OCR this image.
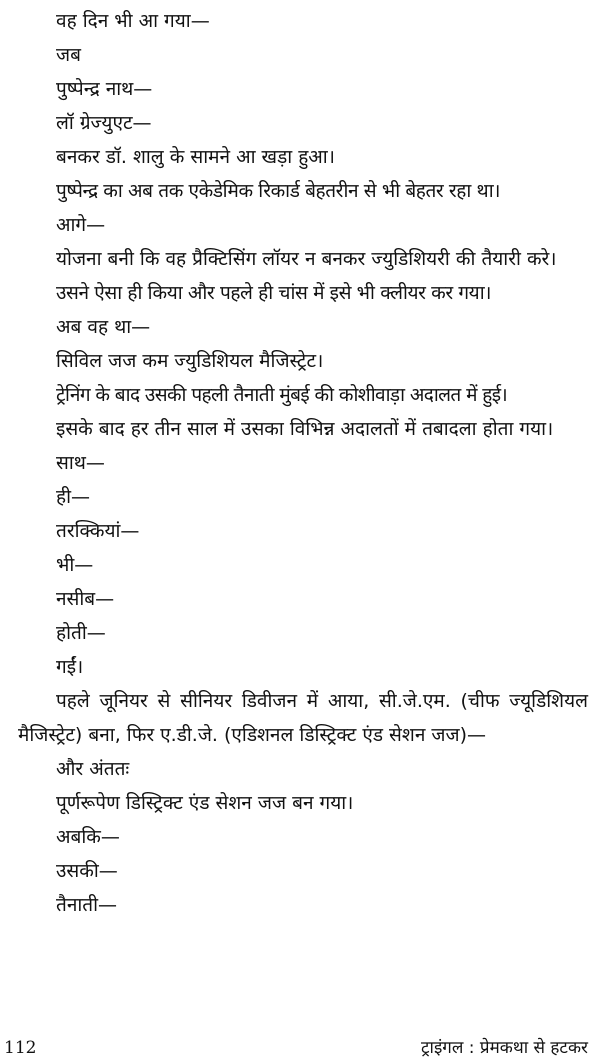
वह दिन भी आ गया—
जब
पुष्पेन्द्र नाथ—
लॉ ग्रेज्युएट—
बनकर डॉ. शालु के सामने आ खड़ा हुआ।
पुष्पेन्द्र का अब तक एकेडेमिक रिकार्ड बेहतरीन से भी बेहतर रहा था।
आगे—

योजना बनी कि वह प्रैक्टिसिंग लॉयर न बनकर ज्युडिशियरी की तैयारी करे।

उसने ऐसा ही किया और पहले ही चांस में इसे भी क्लीयर कर गया।
अब वह था—
सिविल जज कम ज्युडिशियल मैजिस्ट्रेट।
ट्रेनिंग के बाद उसकी पहली तैनाती मुंबई की कोशीवाड़ा अदालत में हुई।

इसके बाद हर तीन साल में उसका विभिन्न अदालतों में तबादला होता गया।

साथ—
ही—
तरक्कियां—
भी—
नसीब—
होती—
गईं।

पहले जूनियर से सीनियर डिवीजन में आया, सी.जे.एम. (चीफ ज्यूडिशियल मैजिस्ट्रेट) बना, फिर ए.डी.जे. (एडिशनल डिस्ट्रिक्ट एंड सेशन जज)—

और अंततः
पूर्णरूपेण डिस्ट्रिक्ट एंड सेशन जज बन गया।
अबकि—
उसकी—
तैनाती—
112	ट्राइंगल : प्रेमकथा से हटकर
